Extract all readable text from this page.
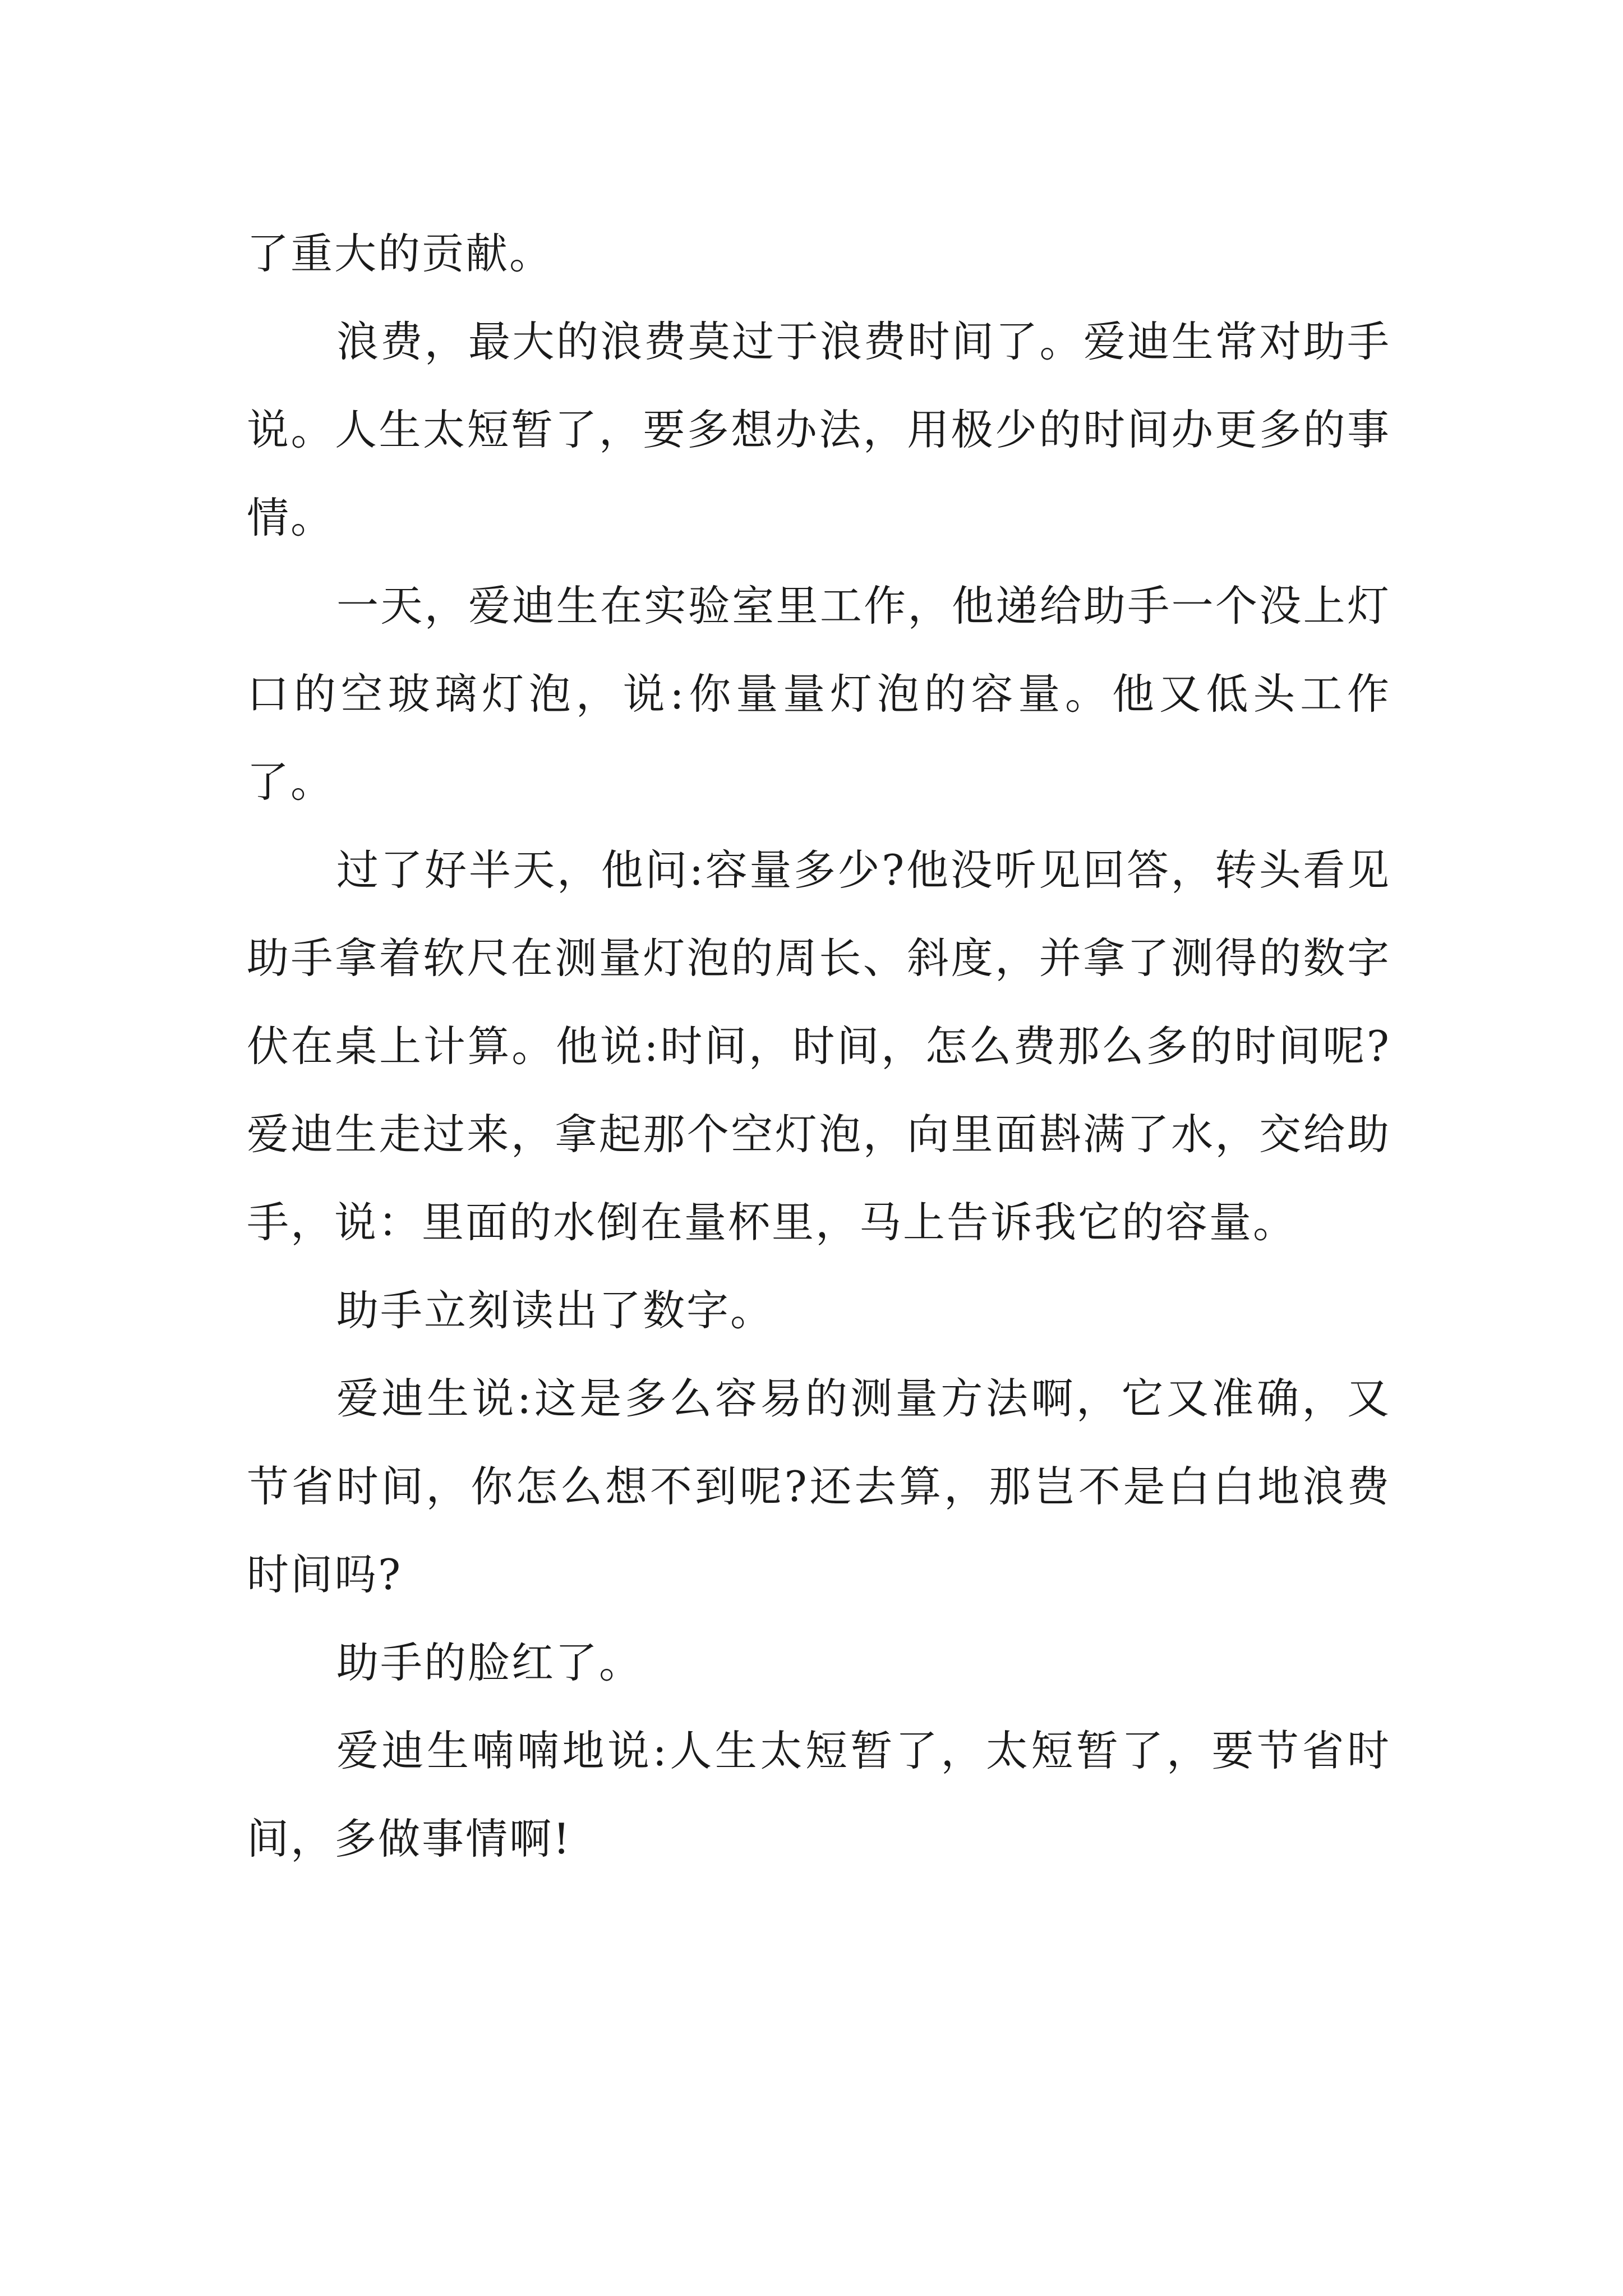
了重大的贡献。

浪费，最大的浪费莫过于浪费时间了。爱迪生常对助手说。人生太短暂了，要多想办法，用极少的时间办更多的事情。

一天，爱迪生在实验室里工作，他递给助手一个没上灯口的空玻璃灯泡，说:你量量灯泡的容量。他又低头工作了。

过了好半天，他问:容量多少?他没听见回答，转头看见助手拿着软尺在测量灯泡的周长、斜度，并拿了测得的数字伏在桌上计算。他说:时间，时间，怎么费那么多的时间呢?爱迪生走过来，拿起那个空灯泡，向里面斟满了水，交给助手，说：里面的水倒在量杯里，马上告诉我它的容量。

助手立刻读出了数字。

爱迪生说:这是多么容易的测量方法啊，它又准确，又节省时间，你怎么想不到呢?还去算，那岂不是白白地浪费时间吗?

助手的脸红了。

爱迪生喃喃地说:人生太短暂了，太短暂了，要节省时间，多做事情啊!
